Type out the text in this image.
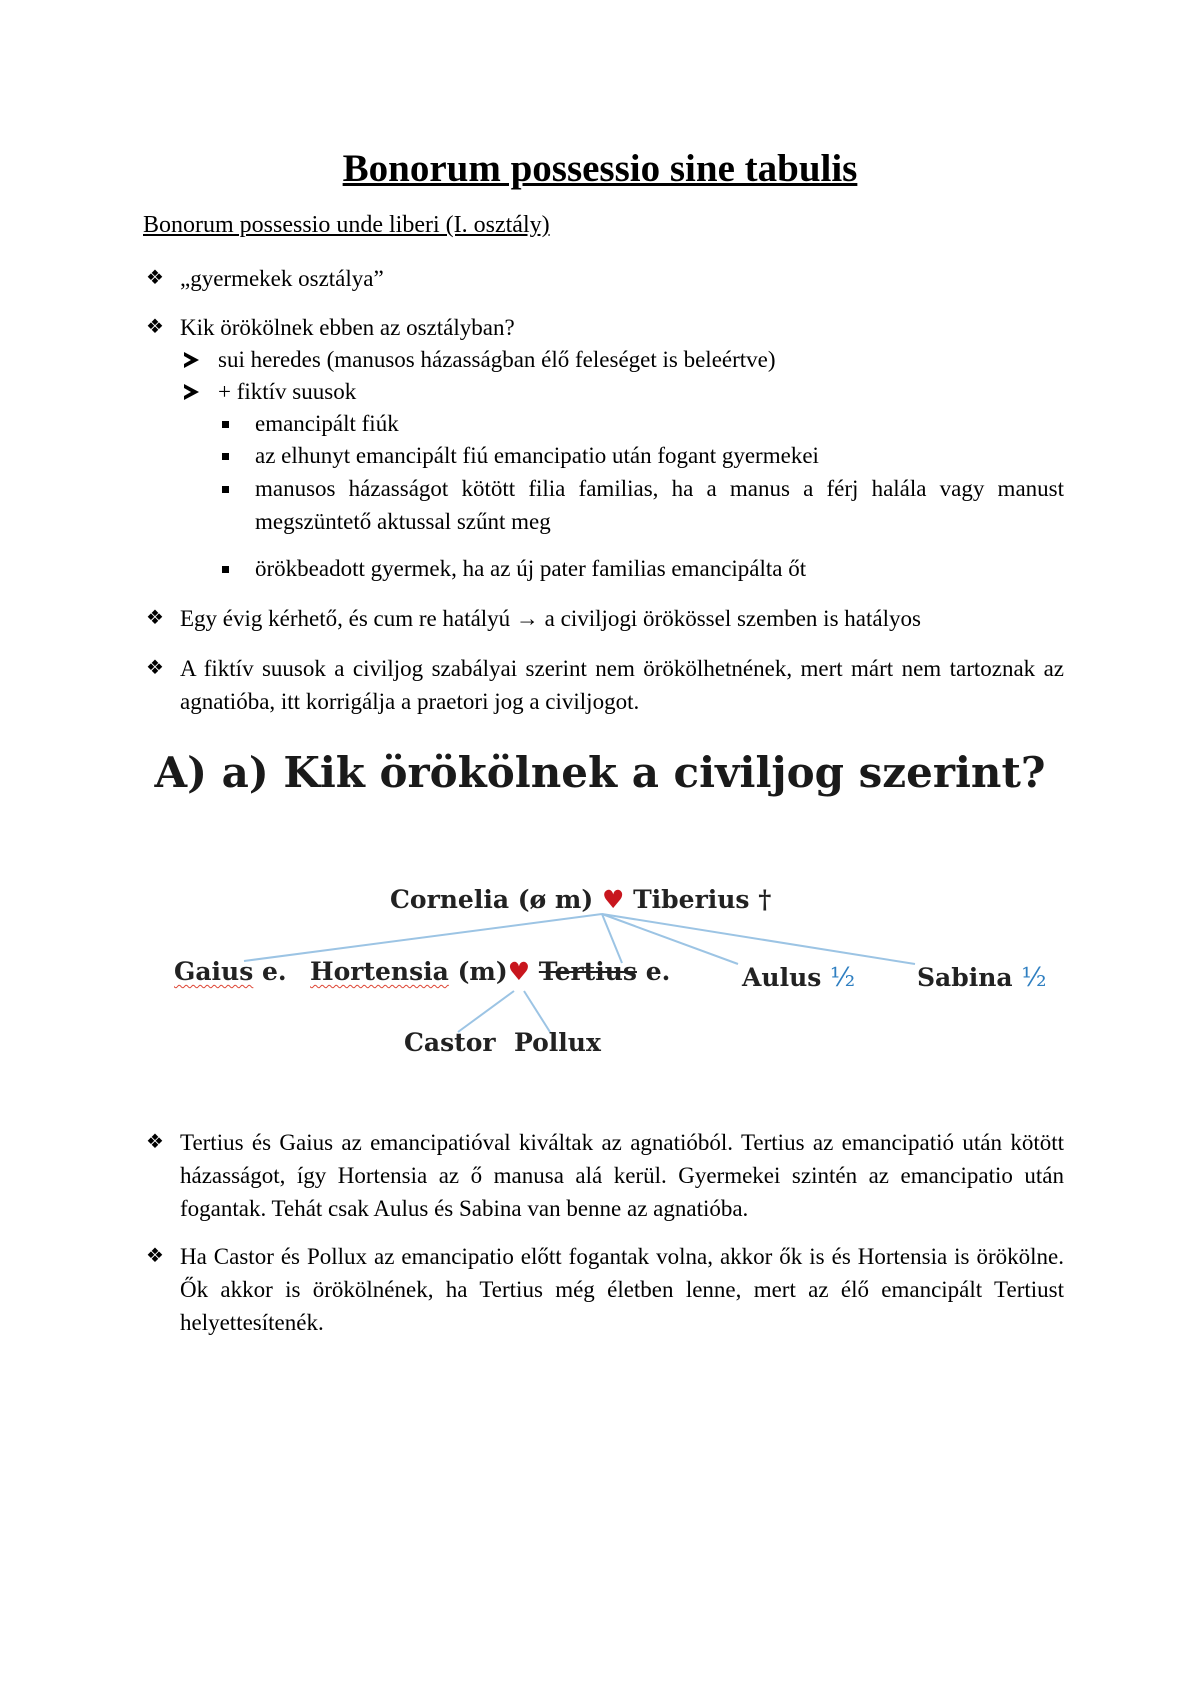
Bonorum possessio sine tabulis
Bonorum possessio unde liberi (I. osztály)
❖ „gyermekek osztálya”
❖ Kik örökölnek ebben az osztályban?
sui heredes (manusos házasságban élő feleséget is beleértve)
+ fiktív suusok
emancipált fiúk
az elhunyt emancipált fiú emancipatio után fogant gyermekei
manusos házasságot kötött filia familias, ha a manus a férj halála vagy manust megszüntető aktussal szűnt meg
örökbeadott gyermek, ha az új pater familias emancipálta őt
❖ Egy évig kérhető, és cum re hatályú → a civiljogi örökössel szemben is hatályos
❖ A fiktív suusok a civiljog szabályai szerint nem örökölhetnének, mert márt nem tartoznak az agnatióba, itt korrigálja a praetori jog a civiljogot.
A) a) Kik örökölnek a civiljog szerint?
Cornelia (ø m) ♥ Tiberius †
Gaius e. Hortensia (m)♥ Tertius e.	Aulus ½ Sabina ½
Castor Pollux
❖ Tertius és Gaius az emancipatióval kiváltak az agnatióból. Tertius az emancipatió után kötött házasságot, így Hortensia az ő manusa alá kerül. Gyermekei szintén az emancipatio után fogantak. Tehát csak Aulus és Sabina van benne az agnatióba.
❖ Ha Castor és Pollux az emancipatio előtt fogantak volna, akkor ők is és Hortensia is örökölne. Ők akkor is örökölnének, ha Tertius még életben lenne, mert az élő emancipált Tertiust helyettesítenék.
